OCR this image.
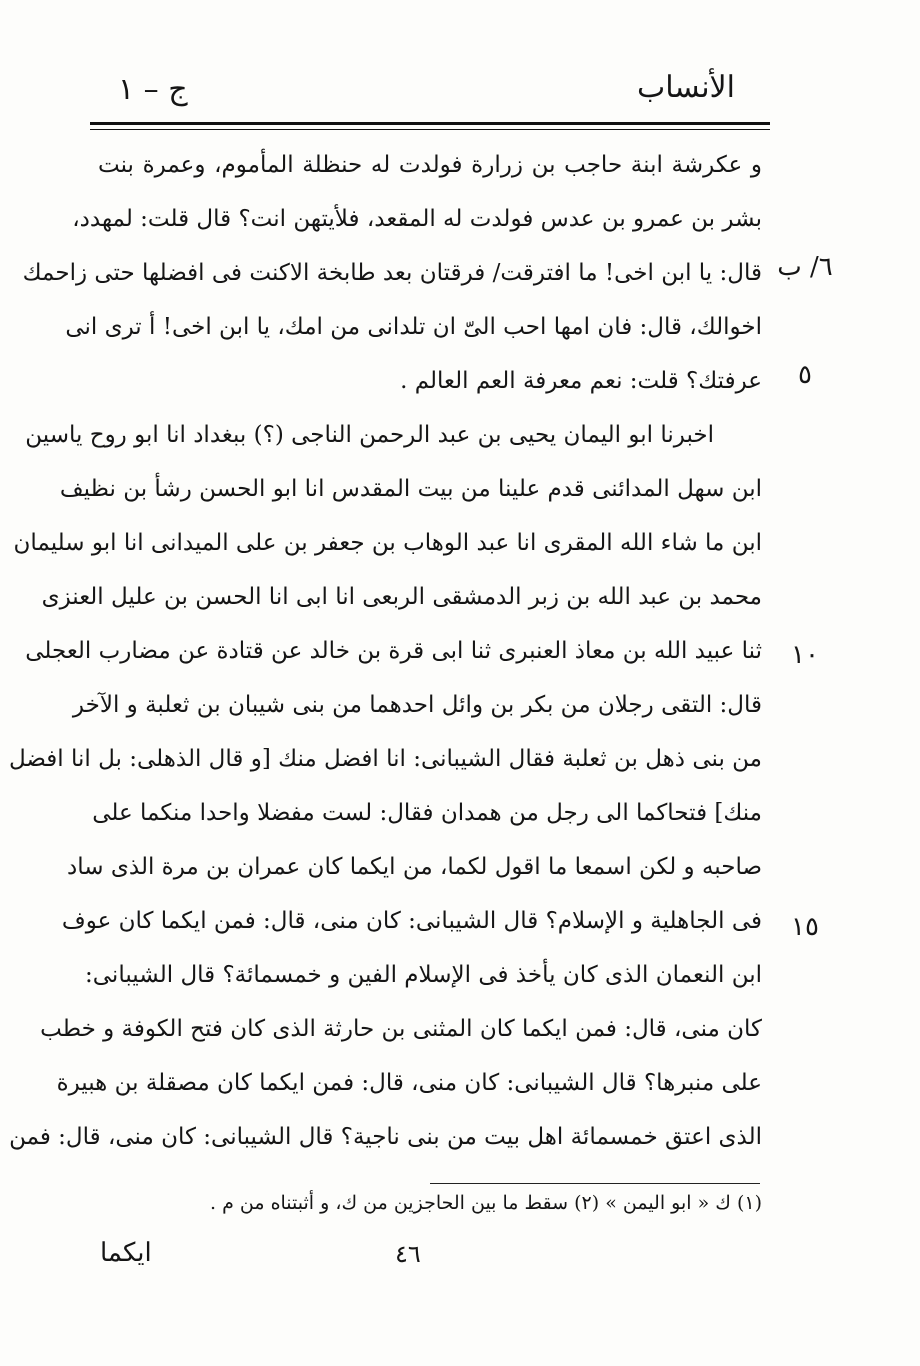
الأنساب
ج – ١
٦/ ب
٥
١٠
١٥
و عكرشة ابنة حاجب بن زرارة فولدت له حنظلة المأموم، وعمرة بنت
بشر بن عمرو بن عدس فولدت له المقعد، فلأيتهن انت؟ قال قلت: لمهدد،
قال: يا ابن اخى! ما افترقت/ فرقتان بعد طابخة الاكنت فى افضلها حتى زاحمك
اخوالك، قال: فان امها احب الىّ ان تلدانى من امك، يا ابن اخى! أ ترى انى
عرفتك؟ قلت: نعم معرفة العم العالم .
اخبرنا ابو اليمان يحيى بن عبد الرحمن الناجى (؟) ببغداد انا ابو روح ياسين
ابن سهل المدائنى قدم علينا من بيت المقدس انا ابو الحسن رشأ بن نظيف
ابن ما شاء الله المقرى انا عبد الوهاب بن جعفر بن على الميدانى انا ابو سليمان
محمد بن عبد الله بن زبر الدمشقى الربعى انا ابى انا الحسن بن عليل العنزى
ثنا عبيد الله بن معاذ العنبرى ثنا ابى قرة بن خالد عن قتادة عن مضارب العجلى
قال: التقى رجلان من بكر بن وائل احدهما من بنى شيبان بن ثعلبة و الآخر
من بنى ذهل بن ثعلبة فقال الشيبانى: انا افضل منك [و قال الذهلى: بل انا افضل
منك] فتحاكما الى رجل من همدان فقال: لست مفضلا واحدا منكما على
صاحبه و لكن اسمعا ما اقول لكما، من ايكما كان عمران بن مرة الذى ساد
فى الجاهلية و الإسلام؟ قال الشيبانى: كان منى، قال: فمن ايكما كان عوف
ابن النعمان الذى كان يأخذ فى الإسلام الفين و خمسمائة؟ قال الشيبانى:
كان منى، قال: فمن ايكما كان المثنى بن حارثة الذى كان فتح الكوفة و خطب
على منبرها؟ قال الشيبانى: كان منى، قال: فمن ايكما كان مصقلة بن هبيرة
الذى اعتق خمسمائة اهل بيت من بنى ناجية؟ قال الشيبانى: كان منى، قال: فمن
(١) ك « ابو اليمن » (٢) سقط ما بين الحاجزين من ك، و أثبتناه من م .
٤٦
ايكما
